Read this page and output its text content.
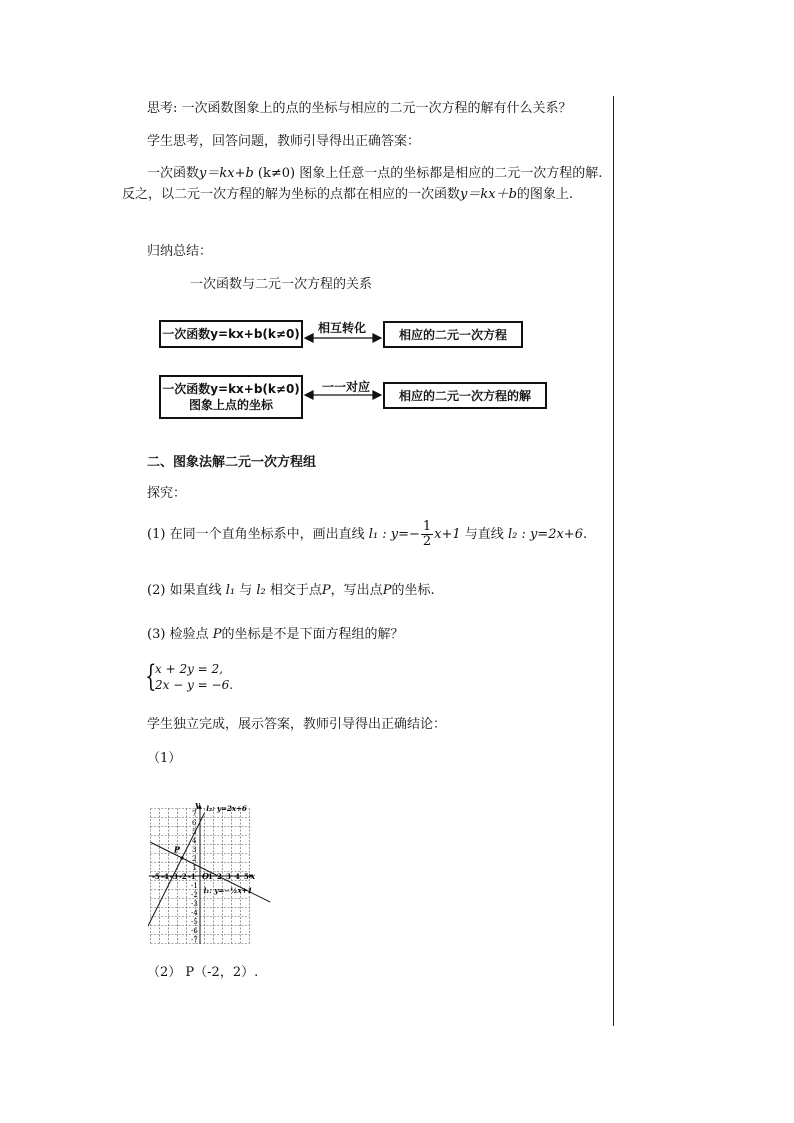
思考: 一次函数图象上的点的坐标与相应的二元一次方程的解有什么关系？
学生思考，回答问题，教师引导得出正确答案：
一次函数y＝kx+b (k≠0) 图象上任意一点的坐标都是相应的二元一次方程的解.反之，以二元一次方程的解为坐标的点都在相应的一次函数y＝kx＋b的图象上.
归纳总结：
一次函数与二元一次方程的关系
一次函数y=kx+b(k≠0)	相应的二元一次方程
一次函数y=kx+b(k≠0)
图象上点的坐标
相应的二元一次方程的解
相互转化
一一对应
二、图象法解二元一次方程组
探究：
(1) 在同一个直角坐标系中，画出直线 l₁ : $y=- \frac{1}{2} x+1$ 与直线 l₂ : y=2x+6.
(2) 如果直线 l₁ 与 l₂ 相交于点P，写出点P的坐标.
(3) 检验点 P的坐标是不是下面方程组的解？
{
x + 2y = 2,
2x − y = −6.
学生独立完成，展示答案，教师引导得出正确结论：
（1）
7
6
5
4
3
2
1
-1
-2
-3
-4
-5
-6
-7
-5 -4 -3 -2 -1 1 2 3 4 5
O
y
x
l₂: y=2x+6
l₁: y=−½x+1
P
（2） P（-2，2）.
